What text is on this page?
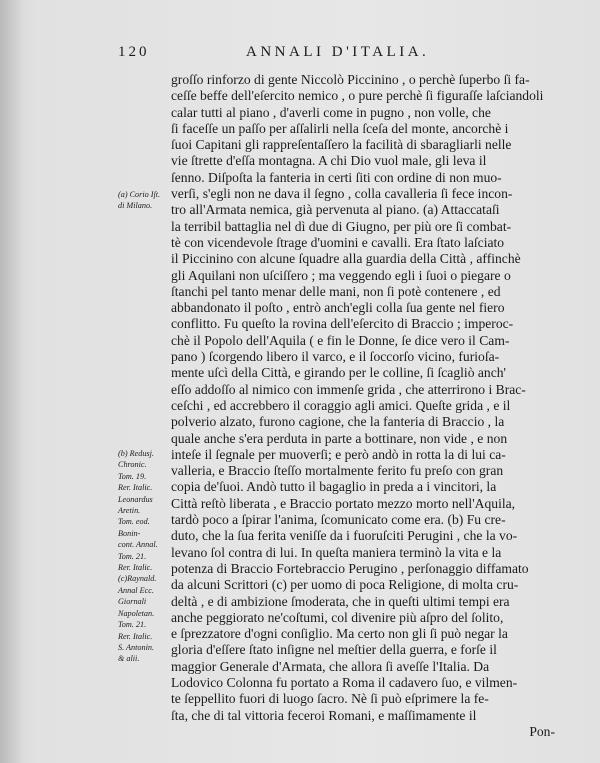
120	ANNALI D'ITALIA.
(a) Corio Iſt.
di Milano.
(b) Redusj.
Chronic.
Tom. 19.
Rer. Italic.
Leonardus
Aretin.
Tom. eod.
Bonin-
cont. Annal.
Tom. 21.
Rer. Italic.
(c)Raynald.
Annal Ecc.
Giornali
Napoletan.
Tom. 21.
Rer. Italic.
S. Antonin.
& alii.
groſſo rinforzo di gente Niccolò Piccinino , o perchè ſuperbo ſi fa-
ceſſe beffe dell'eſercito nemico , o pure perchè ſi figuraſſe laſciandoli
calar tutti al piano , d'averli come in pugno , non volle, che
ſi faceſſe un paſſo per aſſalirli nella ſceſa del monte, ancorchè i
ſuoi Capitani gli rappreſentaſſero la facilità di sbaragliarli nelle
vie ſtrette d'eſſa montagna. A chi Dio vuol male, gli leva il
ſenno. Diſpoſta la fanteria in certi ſiti con ordine di non muo-
verſi, s'egli non ne dava il ſegno , colla cavalleria ſi fece incon-
tro all'Armata nemica, già pervenuta al piano. (a) Attaccataſi
la terribil battaglia nel dì due di Giugno, per più ore ſi combat-
tè con vicendevole ſtrage d'uomini e cavalli. Era ſtato laſciato
il Piccinino con alcune ſquadre alla guardia della Città , affinchè
gli Aquilani non uſciſſero ; ma veggendo egli i ſuoi o piegare o
ſtanchi pel tanto menar delle mani, non ſi potè contenere , ed
abbandonato il poſto , entrò anch'egli colla ſua gente nel fiero
conflitto. Fu queſto la rovina dell'eſercito di Braccio ; imperoc-
chè il Popolo dell'Aquila ( e fin le Donne, ſe dice vero il Cam-
pano ) ſcorgendo libero il varco, e il ſoccorſo vicino, furioſa-
mente uſcì della Città, e girando per le colline, ſi ſcagliò anch'
eſſo addoſſo al nimico con immenſe grida , che atterrirono i Brac-
ceſchi , ed accrebbero il coraggio agli amici. Queſte grida , e il
polverio alzato, furono cagione, che la fanteria di Braccio , la
quale anche s'era perduta in parte a bottinare, non vide , e non
inteſe il ſegnale per muoverſi; e però andò in rotta la di lui ca-
valleria, e Braccio ſteſſo mortalmente ferito fu preſo con gran
copia de'ſuoi. Andò tutto il bagaglio in preda a i vincitori, la
Città reſtò liberata , e Braccio portato mezzo morto nell'Aquila,
tardò poco a ſpirar l'anima, ſcomunicato come era. (b) Fu cre-
duto, che la ſua ferita veniſſe da i fuoruſciti Perugini , che la vo-
levano ſol contra di lui. In queſta maniera terminò la vita e la
potenza di Braccio Fortebraccio Perugino , perſonaggio diffamato
da alcuni Scrittori (c) per uomo di poca Religione, di molta cru-
deltà , e di ambizione ſmoderata, che in queſti ultimi tempi era
anche peggiorato ne'coſtumi, col divenire più aſpro del ſolito,
e ſprezzatore d'ogni conſiglio. Ma certo non gli ſi può negar la
gloria d'eſſere ſtato inſigne nel meſtier della guerra, e forſe il
maggior Generale d'Armata, che allora ſi aveſſe l'Italia. Da
Lodovico Colonna fu portato a Roma il cadavero ſuo, e vilmen-
te ſeppellito fuori di luogo ſacro. Nè ſi può eſprimere la fe-
ſta, che di tal vittoria feceroi Romani, e maſſimamente il
Pon-
